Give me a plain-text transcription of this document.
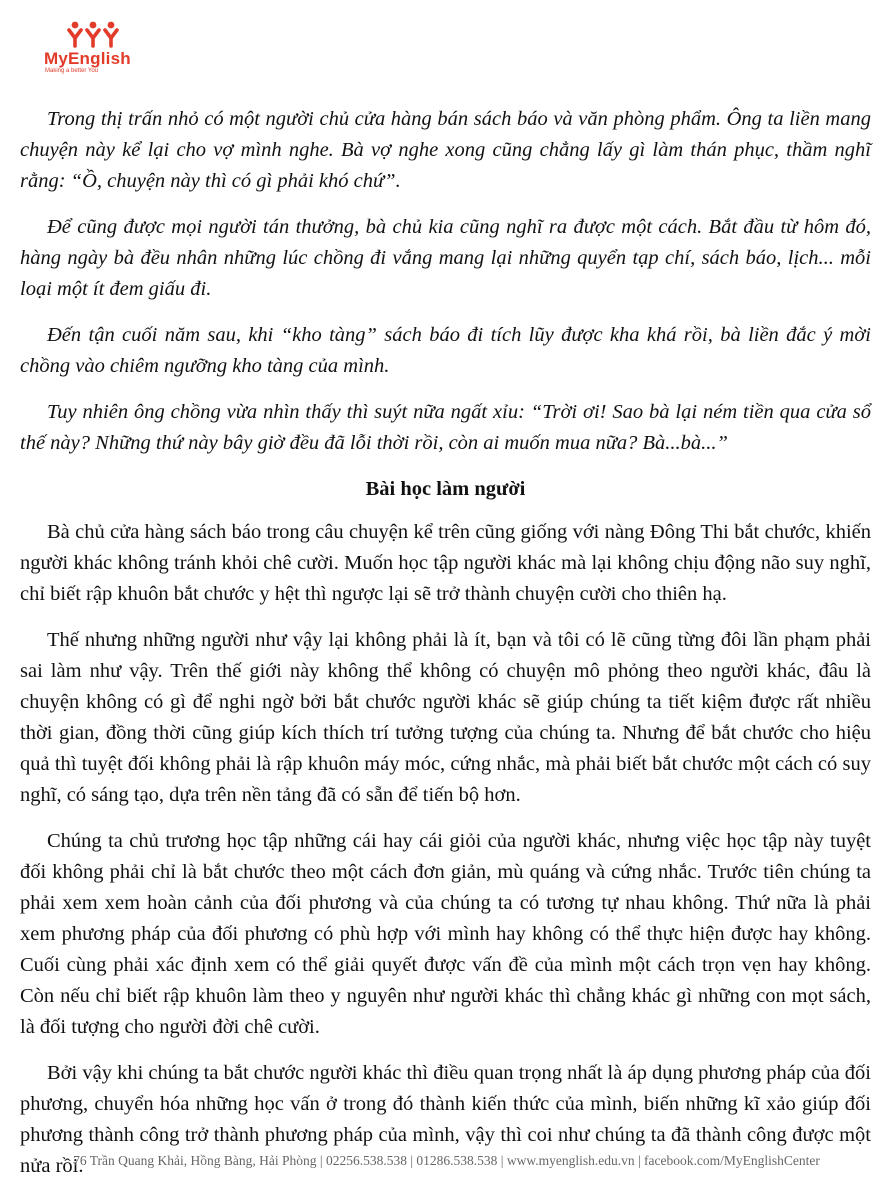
MyEnglish
Making a better You

Trong thị trấn nhỏ có một người chủ cửa hàng bán sách báo và văn phòng phẩm. Ông ta liền mang chuyện này kể lại cho vợ mình nghe. Bà vợ nghe xong cũng chẳng lấy gì làm thán phục, thầm nghĩ rằng: “Ồ, chuyện này thì có gì phải khó chứ”.

Để cũng được mọi người tán thưởng, bà chủ kia cũng nghĩ ra được một cách. Bắt đầu từ hôm đó, hàng ngày bà đều nhân những lúc chồng đi vắng mang lại những quyển tạp chí, sách báo, lịch... mỗi loại một ít đem giấu đi.

Đến tận cuối năm sau, khi “kho tàng” sách báo đi tích lũy được kha khá rồi, bà liền đắc ý mời chồng vào chiêm ngưỡng kho tàng của mình.

Tuy nhiên ông chồng vừa nhìn thấy thì suýt nữa ngất xỉu: “Trời ơi! Sao bà lại ném tiền qua cửa sổ thế này? Những thứ này bây giờ đều đã lỗi thời rồi, còn ai muốn mua nữa? Bà...bà...”

Bài học làm người

Bà chủ cửa hàng sách báo trong câu chuyện kể trên cũng giống với nàng Đông Thi bắt chước, khiến người khác không tránh khỏi chê cười. Muốn học tập người khác mà lại không chịu động não suy nghĩ, chỉ biết rập khuôn bắt chước y hệt thì ngược lại sẽ trở thành chuyện cười cho thiên hạ.

Thế nhưng những người như vậy lại không phải là ít, bạn và tôi có lẽ cũng từng đôi lần phạm phải sai làm như vậy. Trên thế giới này không thể không có chuyện mô phỏng theo người khác, đâu là chuyện không có gì để nghi ngờ bởi bắt chước người khác sẽ giúp chúng ta tiết kiệm được rất nhiều thời gian, đồng thời cũng giúp kích thích trí tưởng tượng của chúng ta. Nhưng để bắt chước cho hiệu quả thì tuyệt đối không phải là rập khuôn máy móc, cứng nhắc, mà phải biết bắt chước một cách có suy nghĩ, có sáng tạo, dựa trên nền tảng đã có sẵn để tiến bộ hơn.

Chúng ta chủ trương học tập những cái hay cái giỏi của người khác, nhưng việc học tập này tuyệt đối không phải chỉ là bắt chước theo một cách đơn giản, mù quáng và cứng nhắc. Trước tiên chúng ta phải xem xem hoàn cảnh của đối phương và của chúng ta có tương tự nhau không. Thứ nữa là phải xem phương pháp của đối phương có phù hợp với mình hay không có thể thực hiện được hay không. Cuối cùng phải xác định xem có thể giải quyết được vấn đề của mình một cách trọn vẹn hay không. Còn nếu chỉ biết rập khuôn làm theo y nguyên như người khác thì chẳng khác gì những con mọt sách, là đối tượng cho người đời chê cười.

Bởi vậy khi chúng ta bắt chước người khác thì điều quan trọng nhất là áp dụng phương pháp của đối phương, chuyển hóa những học vấn ở trong đó thành kiến thức của mình, biến những kĩ xảo giúp đối phương thành công trở thành phương pháp của mình, vậy thì coi như chúng ta đã thành công được một nửa rồi.

76 Trần Quang Khải, Hồng Bàng, Hải Phòng | 02256.538.538 | 01286.538.538 | www.myenglish.edu.vn | facebook.com/MyEnglishCenter
